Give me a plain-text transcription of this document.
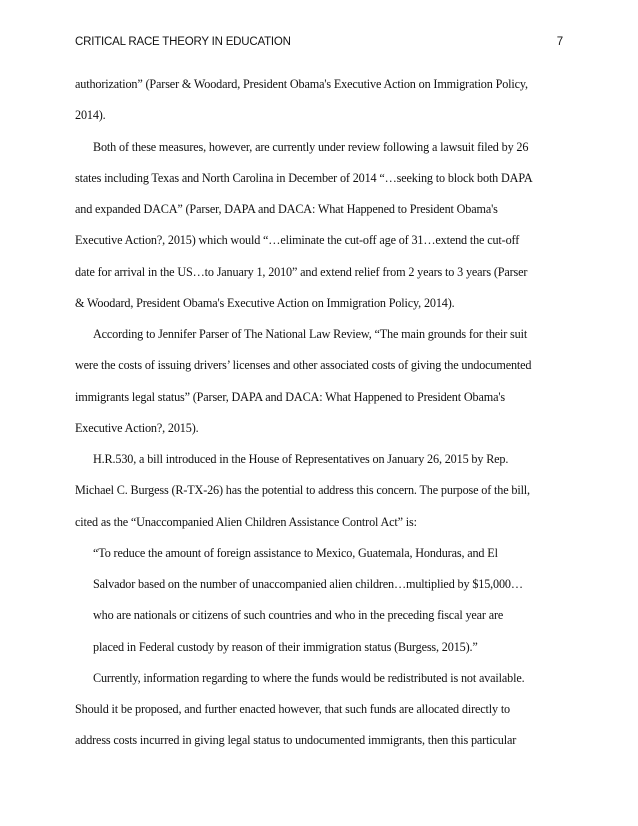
CRITICAL RACE THEORY IN EDUCATION	7
authorization” (Parser & Woodard, President Obama's Executive Action on Immigration Policy,
2014).
Both of these measures, however, are currently under review following a lawsuit filed by 26
states including Texas and North Carolina in December of 2014 “…seeking to block both DAPA
and expanded DACA” (Parser, DAPA and DACA: What Happened to President Obama's
Executive Action?, 2015) which would “…eliminate the cut-off age of 31…extend the cut-off
date for arrival in the US…to January 1, 2010” and extend relief from 2 years to 3 years (Parser
& Woodard, President Obama's Executive Action on Immigration Policy, 2014).
According to Jennifer Parser of The National Law Review, “The main grounds for their suit
were the costs of issuing drivers’ licenses and other associated costs of giving the undocumented
immigrants legal status” (Parser, DAPA and DACA: What Happened to President Obama's
Executive Action?, 2015).
H.R.530, a bill introduced in the House of Representatives on January 26, 2015 by Rep.
Michael C. Burgess (R-TX-26) has the potential to address this concern. The purpose of the bill,
cited as the “Unaccompanied Alien Children Assistance Control Act” is:
“To reduce the amount of foreign assistance to Mexico, Guatemala, Honduras, and El
Salvador based on the number of unaccompanied alien children…multiplied by $15,000…
who are nationals or citizens of such countries and who in the preceding fiscal year are
placed in Federal custody by reason of their immigration status (Burgess, 2015).”
Currently, information regarding to where the funds would be redistributed is not available.
Should it be proposed, and further enacted however, that such funds are allocated directly to
address costs incurred in giving legal status to undocumented immigrants, then this particular
